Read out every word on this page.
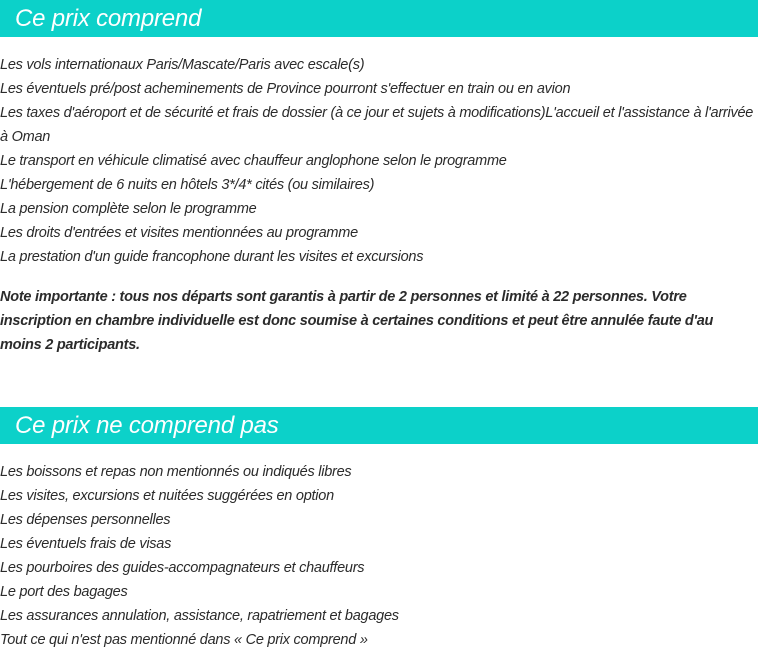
Ce prix comprend
Les vols internationaux Paris/Mascate/Paris avec escale(s)
Les éventuels pré/post acheminements de Province pourront s'effectuer en train ou en avion
Les taxes d'aéroport et de sécurité et frais de dossier (à ce jour et sujets à modifications)L'accueil et l'assistance à l'arrivée à Oman
Le transport en véhicule climatisé avec chauffeur anglophone selon le programme
L'hébergement de 6 nuits en hôtels 3*/4* cités (ou similaires)
La pension complète selon le programme
Les droits d'entrées et visites mentionnées au programme
La prestation d'un guide francophone durant les visites et excursions

Note importante : tous nos départs sont garantis à partir de 2 personnes et limité à 22 personnes. Votre inscription en chambre individuelle est donc soumise à certaines conditions et peut être annulée faute d'au moins 2 participants.

Ce prix ne comprend pas
Les boissons et repas non mentionnés ou indiqués libres
Les visites, excursions et nuitées suggérées en option
Les dépenses personnelles
Les éventuels frais de visas
Les pourboires des guides-accompagnateurs et chauffeurs
Le port des bagages
Les assurances annulation, assistance, rapatriement et bagages
Tout ce qui n'est pas mentionné dans « Ce prix comprend »
